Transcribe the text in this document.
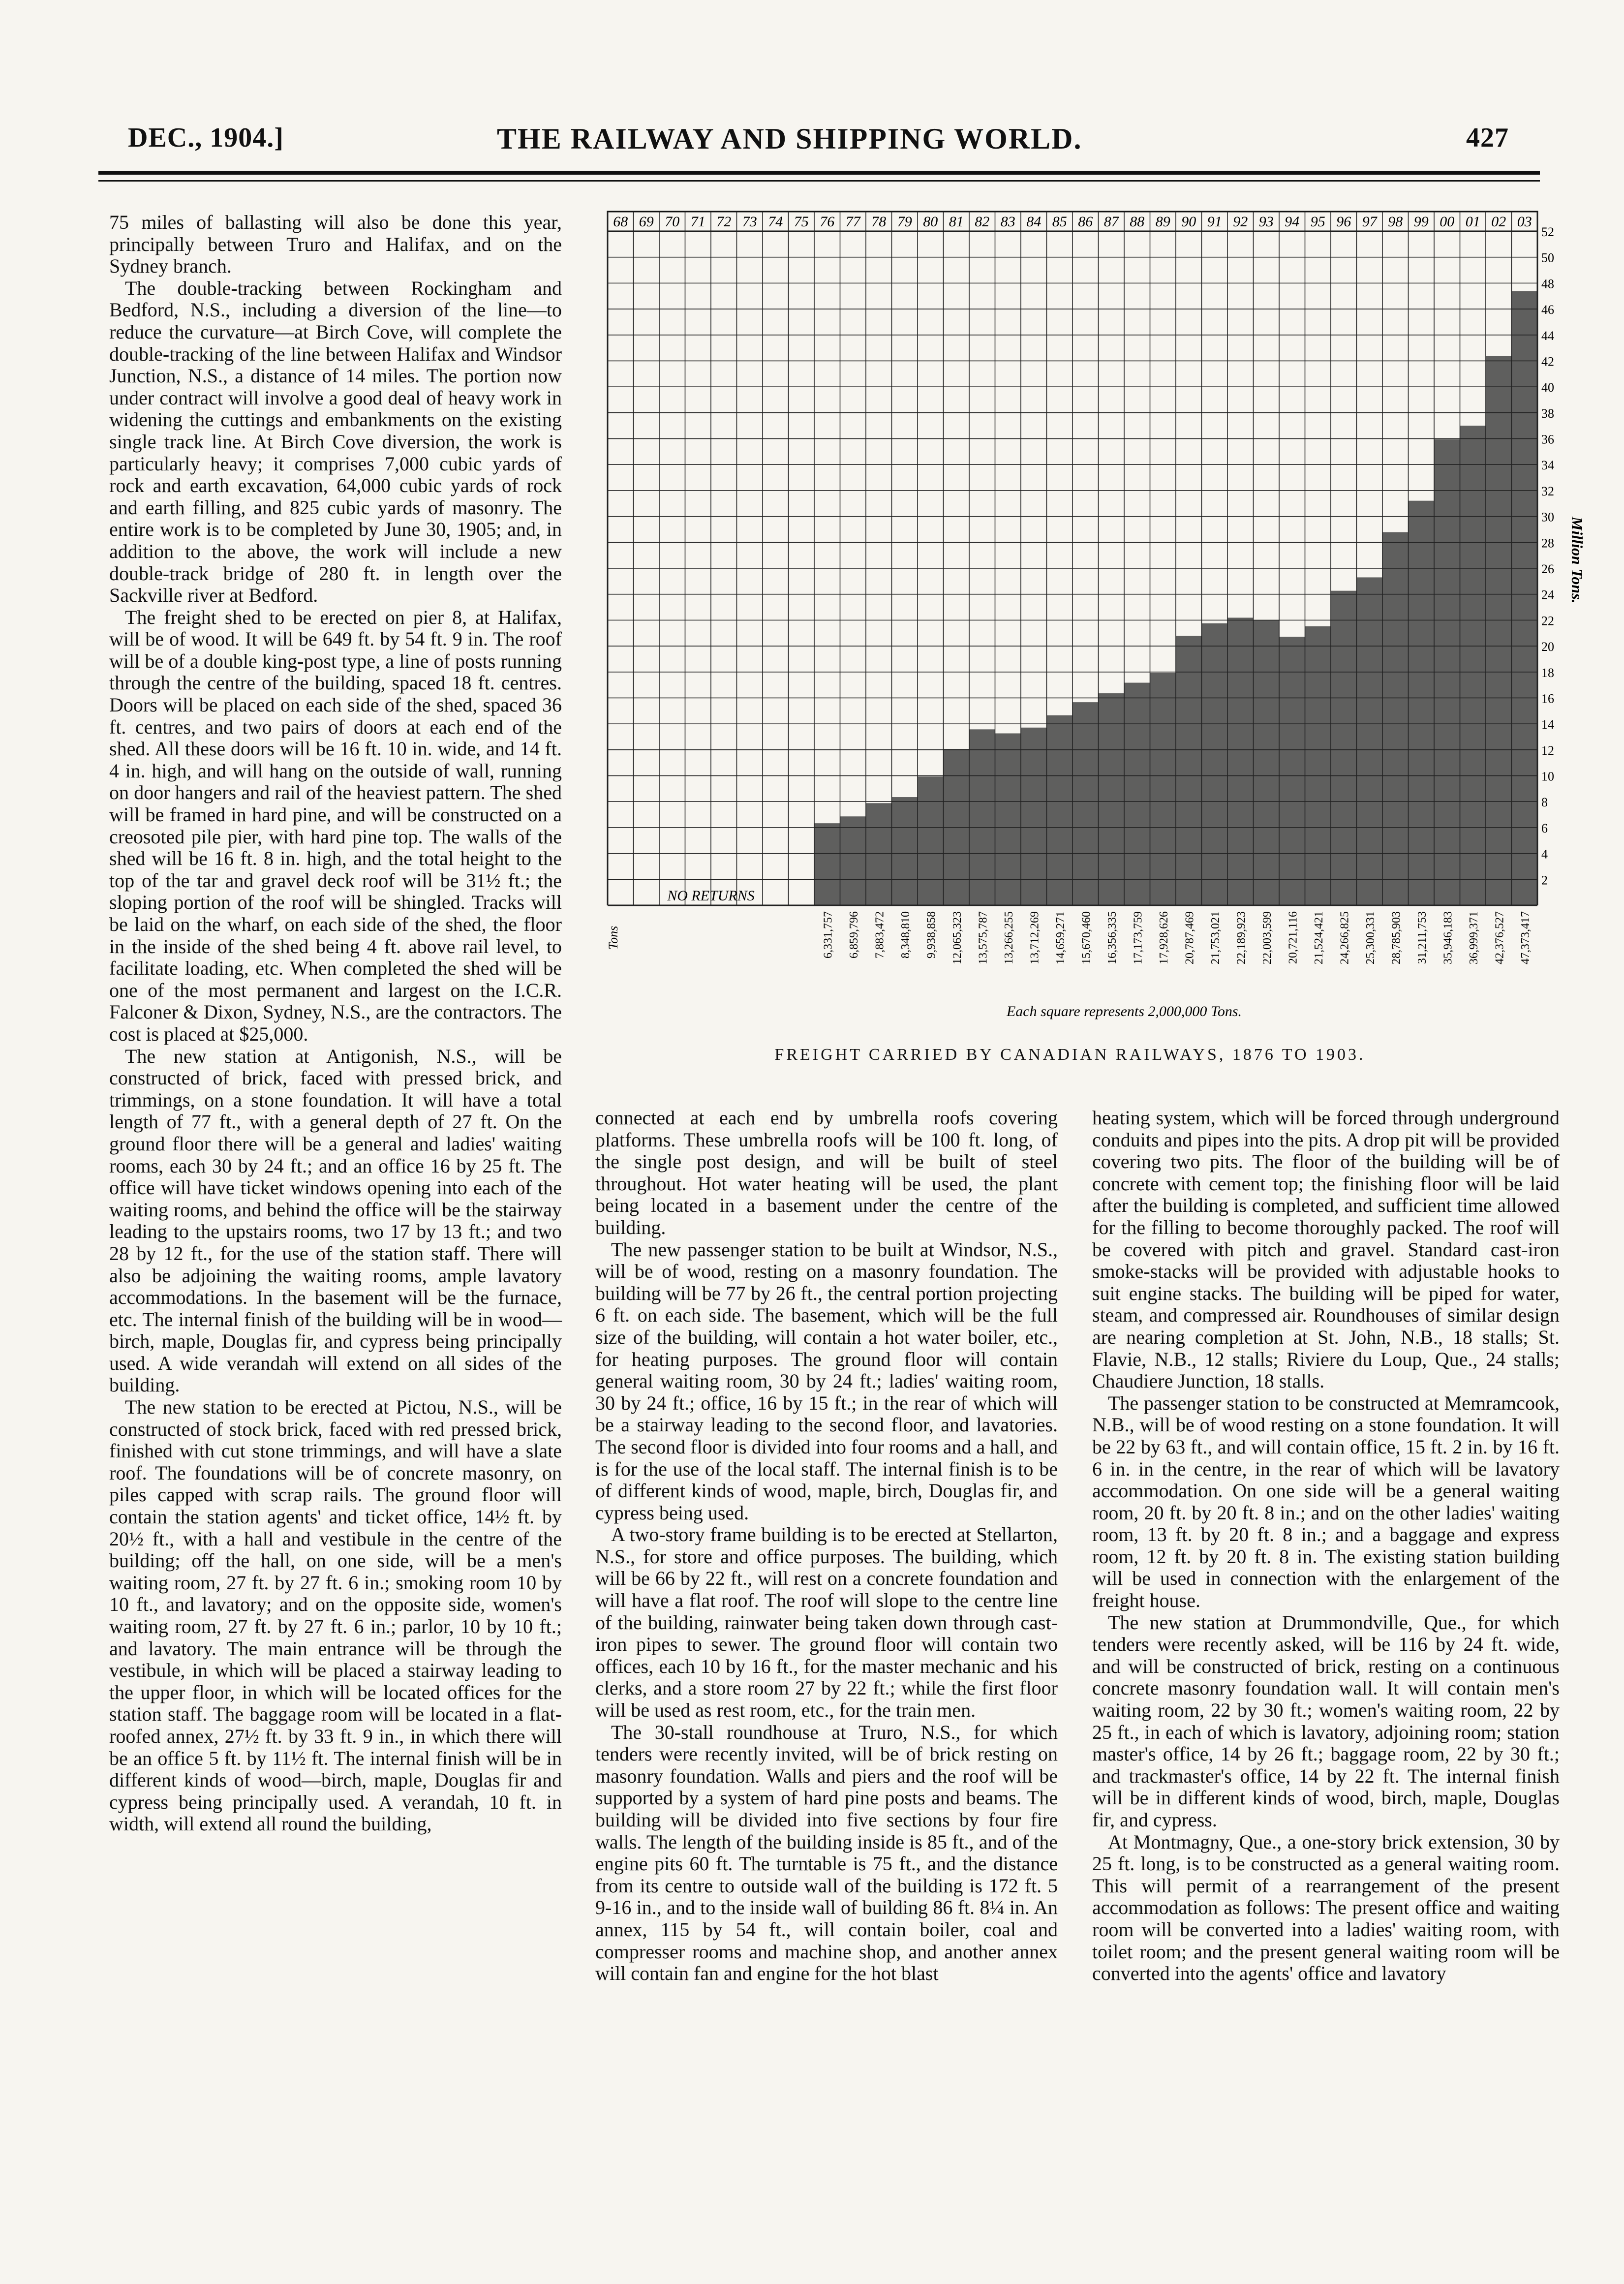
DEC., 1904.]	THE RAILWAY AND SHIPPING WORLD.	427

75 miles of ballasting will also be done this year, principally between Truro and Halifax, and on the Sydney branch.

The double-tracking between Rockingham and Bedford, N.S., including a diversion of the line—to reduce the curvature—at Birch Cove, will complete the double-tracking of the line between Halifax and Windsor Junction, N.S., a distance of 14 miles. The portion now under contract will involve a good deal of heavy work in widening the cuttings and embankments on the existing single track line. At Birch Cove diversion, the work is particularly heavy; it comprises 7,000 cubic yards of rock and earth excavation, 64,000 cubic yards of rock and earth filling, and 825 cubic yards of masonry. The entire work is to be completed by June 30, 1905; and, in addition to the above, the work will include a new double-track bridge of 280 ft. in length over the Sackville river at Bedford.

The freight shed to be erected on pier 8, at Halifax, will be of wood. It will be 649 ft. by 54 ft. 9 in. The roof will be of a double king-post type, a line of posts running through the centre of the building, spaced 18 ft. centres. Doors will be placed on each side of the shed, spaced 36 ft. centres, and two pairs of doors at each end of the shed. All these doors will be 16 ft. 10 in. wide, and 14 ft. 4 in. high, and will hang on the outside of wall, running on door hangers and rail of the heaviest pattern. The shed will be framed in hard pine, and will be constructed on a creosoted pile pier, with hard pine top. The walls of the shed will be 16 ft. 8 in. high, and the total height to the top of the tar and gravel deck roof will be 31½ ft.; the sloping portion of the roof will be shingled. Tracks will be laid on the wharf, on each side of the shed, the floor in the inside of the shed being 4 ft. above rail level, to facilitate loading, etc. When completed the shed will be one of the most permanent and largest on the I.C.R. Falconer & Dixon, Sydney, N.S., are the contractors. The cost is placed at $25,000.

The new station at Antigonish, N.S., will be constructed of brick, faced with pressed brick, and trimmings, on a stone foundation. It will have a total length of 77 ft., with a general depth of 27 ft. On the ground floor there will be a general and ladies' waiting rooms, each 30 by 24 ft.; and an office 16 by 25 ft. The office will have ticket windows opening into each of the waiting rooms, and behind the office will be the stairway leading to the upstairs rooms, two 17 by 13 ft.; and two 28 by 12 ft., for the use of the station staff. There will also be adjoining the waiting rooms, ample lavatory accommodations. In the basement will be the furnace, etc. The internal finish of the building will be in wood—birch, maple, Douglas fir, and cypress being principally used. A wide verandah will extend on all sides of the building.

The new station to be erected at Pictou, N.S., will be constructed of stock brick, faced with red pressed brick, finished with cut stone trimmings, and will have a slate roof. The foundations will be of concrete masonry, on piles capped with scrap rails. The ground floor will contain the station agents' and ticket office, 14½ ft. by 20½ ft., with a hall and vestibule in the centre of the building; off the hall, on one side, will be a men's waiting room, 27 ft. by 27 ft. 6 in.; smoking room 10 by 10 ft., and lavatory; and on the opposite side, women's waiting room, 27 ft. by 27 ft. 6 in.; parlor, 10 by 10 ft.; and lavatory. The main entrance will be through the vestibule, in which will be placed a stairway leading to the upper floor, in which will be located offices for the station staff. The baggage room will be located in a flat-roofed annex, 27½ ft. by 33 ft. 9 in., in which there will be an office 5 ft. by 11½ ft. The internal finish will be in different kinds of wood—birch, maple, Douglas fir and cypress being principally used. A verandah, 10 ft. in width, will extend all round the building,

68 69 70 71 72 73 74 75 76 77 78 79 80 81 82 83 84 85 86 87 88 89 90 91 92 93 94 95 96 97 98 99 00 01 02 03
NO RETURNS
2
4
6
8
10
12
14
16
18
20
22
24
26
28
30
32
34
36
38
40
42
44
46
48
50
52
Million Tons.
Tons	6,331,757 6,859,796 7,883,472 8,348,810 9,938,858 12,065,323 13,575,787 13,266,255 13,712,269 14,659,271 15,670,460 16,356,335 17,173,759 17,928,626 20,787,469 21,753,021 22,189,923 22,003,599 20,721,116 21,524,421 24,266,825 25,300,331 28,785,903 31,211,753 35,946,183 36,999,371 42,376,527 47,373,417
Each square represents 2,000,000 Tons.
FREIGHT CARRIED BY CANADIAN RAILWAYS, 1876 TO 1903.

connected at each end by umbrella roofs covering platforms. These umbrella roofs will be 100 ft. long, of the single post design, and will be built of steel throughout. Hot water heating will be used, the plant being located in a basement under the centre of the building.

The new passenger station to be built at Windsor, N.S., will be of wood, resting on a masonry foundation. The building will be 77 by 26 ft., the central portion projecting 6 ft. on each side. The basement, which will be the full size of the building, will contain a hot water boiler, etc., for heating purposes. The ground floor will contain general waiting room, 30 by 24 ft.; ladies' waiting room, 30 by 24 ft.; office, 16 by 15 ft.; in the rear of which will be a stairway leading to the second floor, and lavatories. The second floor is divided into four rooms and a hall, and is for the use of the local staff. The internal finish is to be of different kinds of wood, maple, birch, Douglas fir, and cypress being used.

A two-story frame building is to be erected at Stellarton, N.S., for store and office purposes. The building, which will be 66 by 22 ft., will rest on a concrete foundation and will have a flat roof. The roof will slope to the centre line of the building, rainwater being taken down through cast-iron pipes to sewer. The ground floor will contain two offices, each 10 by 16 ft., for the master mechanic and his clerks, and a store room 27 by 22 ft.; while the first floor will be used as rest room, etc., for the train men.

The 30-stall roundhouse at Truro, N.S., for which tenders were recently invited, will be of brick resting on masonry foundation. Walls and piers and the roof will be supported by a system of hard pine posts and beams. The building will be divided into five sections by four fire walls. The length of the building inside is 85 ft., and of the engine pits 60 ft. The turntable is 75 ft., and the distance from its centre to outside wall of the building is 172 ft. 5 9-16 in., and to the inside wall of building 86 ft. 8¼ in. An annex, 115 by 54 ft., will contain boiler, coal and compresser rooms and machine shop, and another annex will contain fan and engine for the hot blast

heating system, which will be forced through underground conduits and pipes into the pits. A drop pit will be provided covering two pits. The floor of the building will be of concrete with cement top; the finishing floor will be laid after the building is completed, and sufficient time allowed for the filling to become thoroughly packed. The roof will be covered with pitch and gravel. Standard cast-iron smoke-stacks will be provided with adjustable hooks to suit engine stacks. The building will be piped for water, steam, and compressed air. Roundhouses of similar design are nearing completion at St. John, N.B., 18 stalls; St. Flavie, N.B., 12 stalls; Riviere du Loup, Que., 24 stalls; Chaudiere Junction, 18 stalls.

The passenger station to be constructed at Memramcook, N.B., will be of wood resting on a stone foundation. It will be 22 by 63 ft., and will contain office, 15 ft. 2 in. by 16 ft. 6 in. in the centre, in the rear of which will be lavatory accommodation. On one side will be a general waiting room, 20 ft. by 20 ft. 8 in.; and on the other ladies' waiting room, 13 ft. by 20 ft. 8 in.; and a baggage and express room, 12 ft. by 20 ft. 8 in. The existing station building will be used in connection with the enlargement of the freight house.

The new station at Drummondville, Que., for which tenders were recently asked, will be 116 by 24 ft. wide, and will be constructed of brick, resting on a continuous concrete masonry foundation wall. It will contain men's waiting room, 22 by 30 ft.; women's waiting room, 22 by 25 ft., in each of which is lavatory, adjoining room; station master's office, 14 by 26 ft.; baggage room, 22 by 30 ft.; and trackmaster's office, 14 by 22 ft. The internal finish will be in different kinds of wood, birch, maple, Douglas fir, and cypress.

At Montmagny, Que., a one-story brick extension, 30 by 25 ft. long, is to be constructed as a general waiting room. This will permit of a rearrangement of the present accommodation as follows: The present office and waiting room will be converted into a ladies' waiting room, with toilet room; and the present general waiting room will be converted into the agents' office and lavatory
